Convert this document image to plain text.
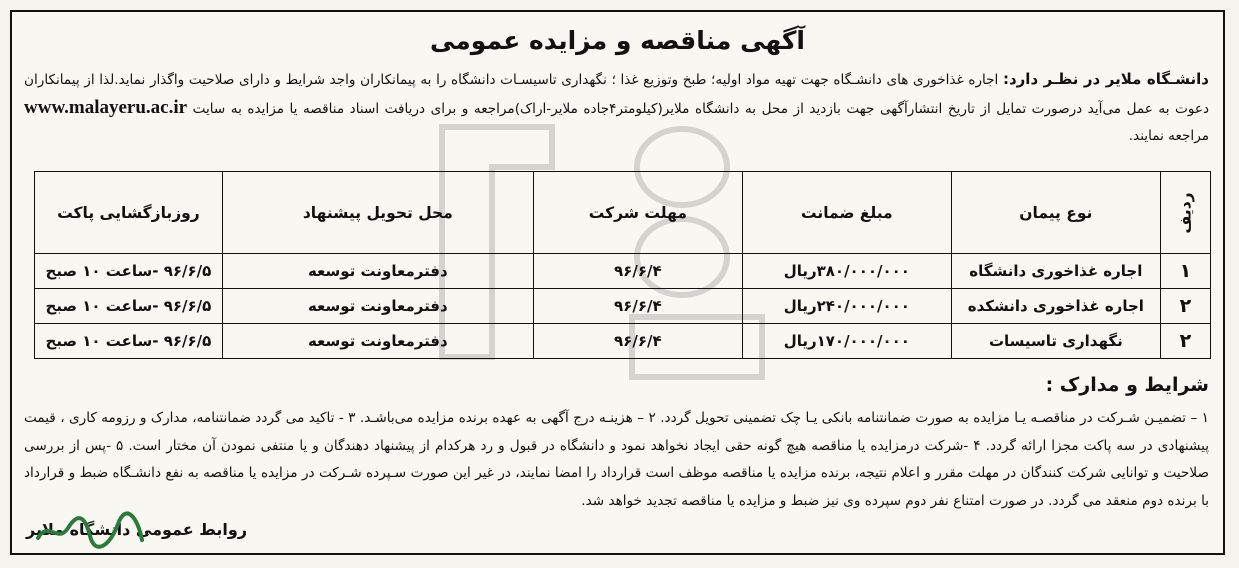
آگهی مناقصه و مزایده عمومی
دانشـگاه ملایر در نظـر دارد: اجاره غذاخوری های دانشـگاه جهت تهیه مواد اولیه؛ طبخ وتوزیع غذا ؛ نگهداری تاسیسـات دانشگاه را به پیمانکاران واجد شرایط و دارای صلاحیت واگذار نماید.لذا از پیمانکاران دعوت به عمل می‌آید درصورت تمایل از تاریخ انتشارآگهی جهت بازدید از محل به دانشگاه ملایر(کیلومتر۴جاده ملایر-اراک)مراجعه و برای دریافت اسناد مناقصه یا مزایده به سایت www.malayeru.ac.ir مراجعه نمایند.
ردیف	نوع پیمان	مبلغ ضمانت	مهلت شرکت	محل تحویل پیشنهاد	روزبازگشایی پاکت
۱	اجاره غذاخوری دانشگاه	۳۸۰/۰۰۰/۰۰۰ریال	۹۶/۶/۴	دفترمعاونت توسعه	۹۶/۶/۵ -ساعت ۱۰ صبح
۲	اجاره غذاخوری دانشکده	۲۴۰/۰۰۰/۰۰۰ریال	۹۶/۶/۴	دفترمعاونت توسعه	۹۶/۶/۵ -ساعت ۱۰ صبح
۲	نگهداری تاسیسات	۱۷۰/۰۰۰/۰۰۰ریال	۹۶/۶/۴	دفترمعاونت توسعه	۹۶/۶/۵ -ساعت ۱۰ صبح
شرایط و مدارک :
۱ – تضمیـن شـرکت در مناقصـه یـا مزایده به صورت ضمانتنامه بانکی یـا چک تضمینی تحویل گردد. ۲ – هزینـه درج آگهی به عهده برنده مزایده می‌باشـد. ۳ - تاکید می گردد ضمانتنامه، مدارک و رزومه کاری ، قیمت پیشنهادی در سه پاکت مجزا ارائه گردد. ۴ -شرکت درمزایده یا مناقصه هیچ گونه حقی ایجاد نخواهد نمود و دانشگاه در قبول و رد هرکدام از پیشنهاد دهندگان و یا منتفی نمودن آن مختار است. ۵ -پس از بررسی صلاحیت و توانایی شرکت کنندگان در مهلت مقرر و اعلام نتیجه، برنده مزایده یا مناقصه موظف است قرارداد را امضا نمایند، در غیر این صورت سـپرده شـرکت در مزایده یا مناقصه به نفع دانشـگاه ضبط و قرارداد با برنده دوم منعقد می گردد. در صورت امتناع نفر دوم سپرده وی نیز ضبط و مزایده یا مناقصه تجدید خواهد شد.
روابط عمومی دانشگاه ملایر
